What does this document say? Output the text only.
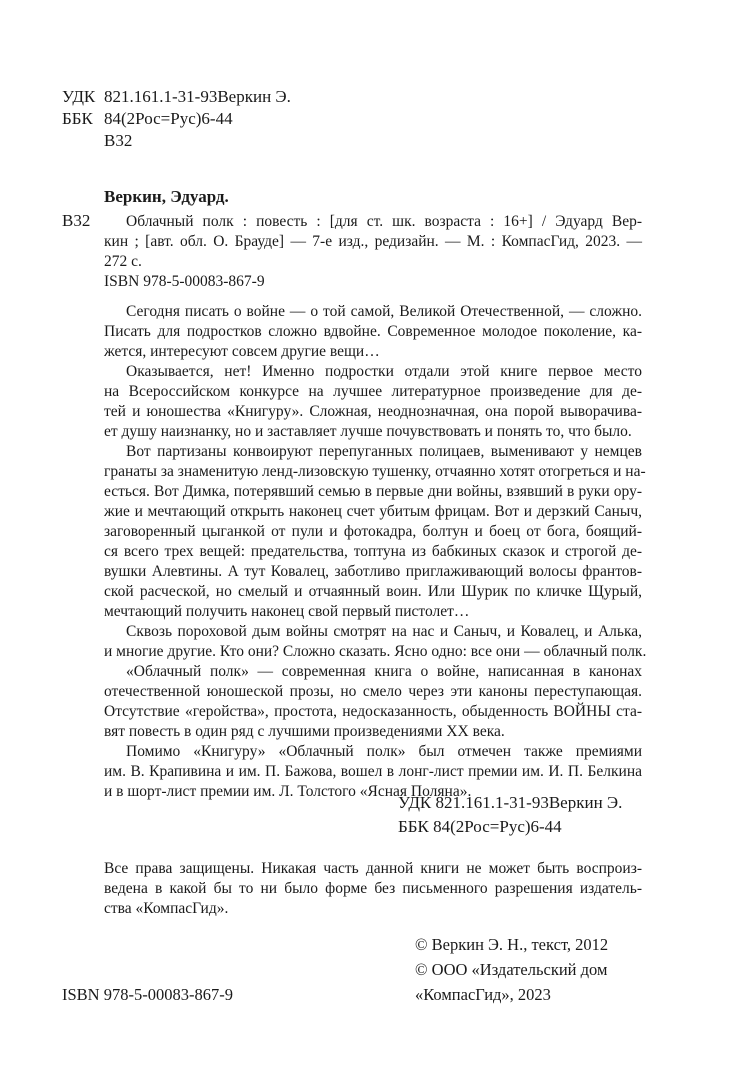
УДК 821.161.1-31-93Веркин Э.
ББК 84(2Рос=Рус)6-44
В32
Веркин, Эдуард.
В32	Облачный полк : повесть : [для ст. шк. возраста : 16+] / Эдуард Вер-
кин ; [авт. обл. О. Брауде] — 7-е изд., редизайн. — М. : КомпасГид, 2023. —
272 с.
ISBN 978-5-00083-867-9
Сегодня писать о войне — о той самой, Великой Отечественной, — сложно.
Писать для подростков сложно вдвойне. Современное молодое поколение, ка-
жется, интересуют совсем другие вещи…
Оказывается, нет! Именно подростки отдали этой книге первое место
на Всероссийском конкурсе на лучшее литературное произведение для де-
тей и юношества «Книгуру». Сложная, неоднозначная, она порой выворачива-
ет душу наизнанку, но и заставляет лучше почувствовать и понять то, что было.
Вот партизаны конвоируют перепуганных полицаев, выменивают у немцев
гранаты за знаменитую ленд-лизовскую тушенку, отчаянно хотят отогреться и на-
есться. Вот Димка, потерявший семью в первые дни войны, взявший в руки ору-
жие и мечтающий открыть наконец счет убитым фрицам. Вот и дерзкий Саныч,
заговоренный цыганкой от пули и фотокадра, болтун и боец от бога, боящий-
ся всего трех вещей: предательства, топтуна из бабкиных сказок и строгой де-
вушки Алевтины. А тут Ковалец, заботливо приглаживающий волосы франтов-
ской расческой, но смелый и отчаянный воин. Или Шурик по кличке Щурый,
мечтающий получить наконец свой первый пистолет…
Сквозь пороховой дым войны смотрят на нас и Саныч, и Ковалец, и Алька,
и многие другие. Кто они? Сложно сказать. Ясно одно: все они — облачный полк.
«Облачный полк» — современная книга о войне, написанная в канонах
отечественной юношеской прозы, но смело через эти каноны переступающая.
Отсутствие «геройства», простота, недосказанность, обыденность ВОЙНЫ ста-
вят повесть в один ряд с лучшими произведениями XX века.
Помимо «Книгуру» «Облачный полк» был отмечен также премиями
им. В. Крапивина и им. П. Бажова, вошел в лонг-лист премии им. И. П. Белкина
и в шорт-лист премии им. Л. Толстого «Ясная Поляна».
УДК 821.161.1-31-93Веркин Э.
ББК 84(2Рос=Рус)6-44
Все права защищены. Никакая часть данной книги не может быть воспроиз-
ведена в какой бы то ни было форме без письменного разрешения издатель-
ства «КомпасГид».
© Веркин Э. Н., текст, 2012
© ООО «Издательский дом
«КомпасГид», 2023
ISBN 978-5-00083-867-9
